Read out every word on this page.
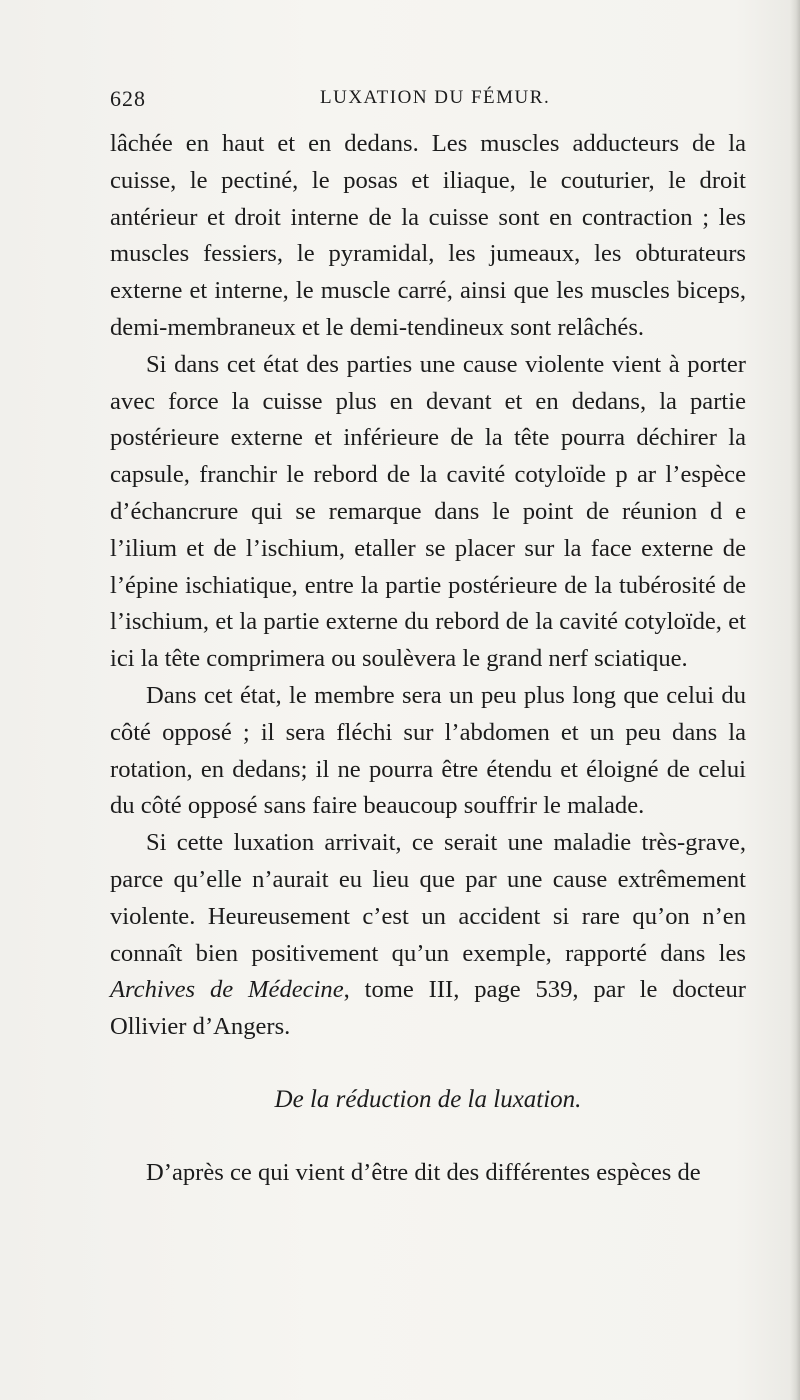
628	LUXATION DU FÉMUR.

lâchée en haut et en dedans. Les muscles adducteurs de la cuisse, le pectiné, le posas et iliaque, le couturier, le droit antérieur et droit interne de la cuisse sont en contraction ; les muscles fessiers, le pyramidal, les jumeaux, les obturateurs externe et interne, le muscle carré, ainsi que les muscles biceps, demi-membraneux et le demi-tendineux sont relâchés.

Si dans cet état des parties une cause violente vient à porter avec force la cuisse plus en devant et en dedans, la partie postérieure externe et inférieure de la tête pourra déchirer la capsule, franchir le rebord de la cavité cotyloïde p ar l’espèce d’échancrure qui se remarque dans le point de réunion d e l’ilium et de l’ischium, etaller se placer sur la face externe de l’épine ischiatique, entre la partie postérieure de la tubérosité de l’ischium, et la partie externe du rebord de la cavité cotyloïde, et ici la tête comprimera ou soulèvera le grand nerf sciatique.

Dans cet état, le membre sera un peu plus long que celui du côté opposé ; il sera fléchi sur l’abdomen et un peu dans la rotation, en dedans; il ne pourra être étendu et éloigné de celui du côté opposé sans faire beaucoup souffrir le malade.

Si cette luxation arrivait, ce serait une maladie très-grave, parce qu’elle n’aurait eu lieu que par une cause extrêmement violente. Heureusement c’est un accident si rare qu’on n’en connaît bien positivement qu’un exemple, rapporté dans les Archives de Médecine, tome III, page 539, par le docteur Ollivier d’Angers.

De la réduction de la luxation.

D’après ce qui vient d’être dit des différentes espèces de
